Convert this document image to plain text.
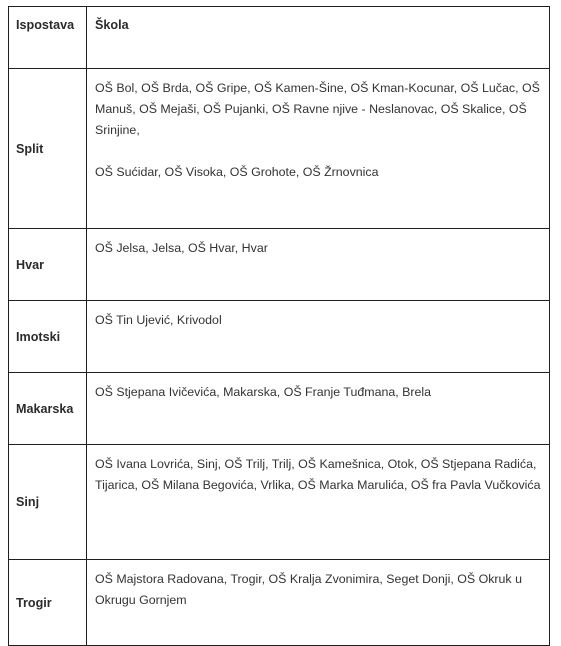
Ispostava	Škola

Split	OŠ Bol, OŠ Brda, OŠ Gripe, OŠ Kamen-Šine, OŠ Kman-Kocunar, OŠ Lučac, OŠ Manuš, OŠ Mejaši, OŠ Pujanki, OŠ Ravne njive - Neslanovac, OŠ Skalice, OŠ Srinjine,

OŠ Sućidar, OŠ Visoka, OŠ Grohote, OŠ Žrnovnica

Hvar	OŠ Jelsa, Jelsa, OŠ Hvar, Hvar

Imotski	OŠ Tin Ujević, Krivodol

Makarska	OŠ Stjepana Ivičevića, Makarska, OŠ Franje Tuđmana, Brela

Sinj	OŠ Ivana Lovrića, Sinj, OŠ Trilj, Trilj, OŠ Kamešnica, Otok, OŠ Stjepana Radića, Tijarica, OŠ Milana Begovića, Vrlika, OŠ Marka Marulića, OŠ fra Pavla Vučkovića

Trogir	OŠ Majstora Radovana, Trogir, OŠ Kralja Zvonimira, Seget Donji, OŠ Okruk u Okrugu Gornjem
